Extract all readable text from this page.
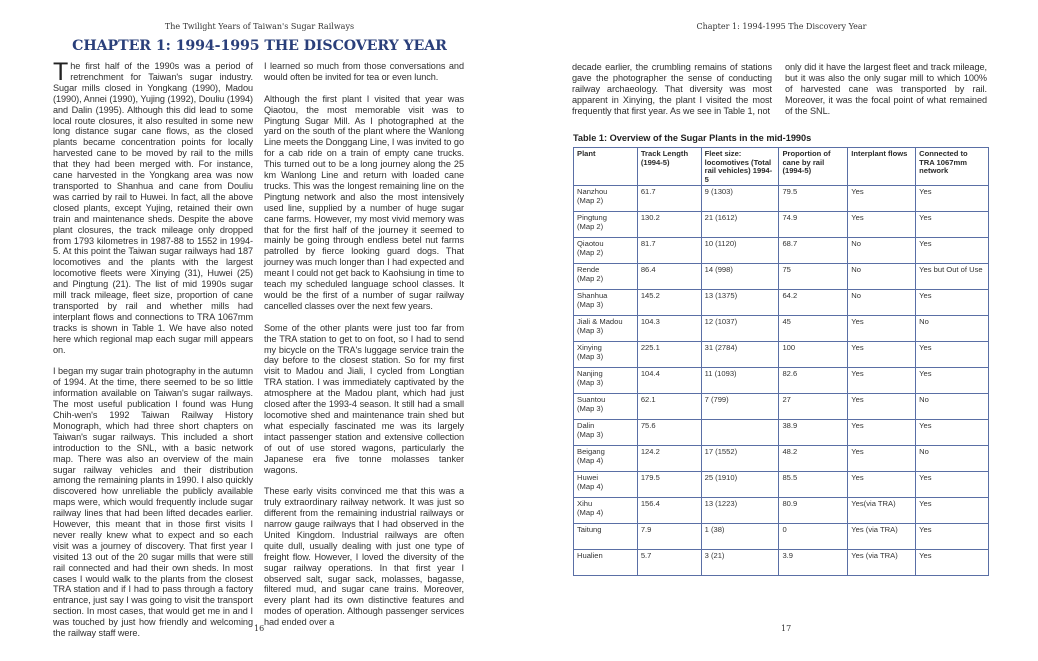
The Twilight Years of Taiwan's Sugar Railways
CHAPTER 1: 1994-1995 THE DISCOVERY YEAR

The first half of the 1990s was a period of retrenchment for Taiwan's sugar industry. Sugar mills closed in Yongkang (1990), Madou (1990), Annei (1990), Yujing (1992), Douliu (1994) and Dalin (1995). Although this did lead to some local route closures, it also resulted in some new long distance sugar cane flows, as the closed plants became concentration points for locally harvested cane to be moved by rail to the mills that they had been merged with. For instance, cane harvested in the Yongkang area was now transported to Shanhua and cane from Douliu was carried by rail to Huwei. In fact, all the above closed plants, except Yujing, retained their own train and maintenance sheds. Despite the above plant closures, the track mileage only dropped from 1793 kilometres in 1987-88 to 1552 in 1994-5. At this point the Taiwan sugar railways had 187 locomotives and the plants with the largest locomotive fleets were Xinying (31), Huwei (25) and Pingtung (21). The list of mid 1990s sugar mill track mileage, fleet size, proportion of cane transported by rail and whether mills had interplant flows and connections to TRA 1067mm tracks is shown in Table 1. We have also noted here which regional map each sugar mill appears on.

I began my sugar train photography in the autumn of 1994. At the time, there seemed to be so little information available on Taiwan's sugar railways. The most useful publication I found was Hung Chih-wen's 1992 Taiwan Railway History Monograph, which had three short chapters on Taiwan's sugar railways. This included a short introduction to the SNL, with a basic network map. There was also an overview of the main sugar railway vehicles and their distribution among the remaining plants in 1990. I also quickly discovered how unreliable the publicly available maps were, which would frequently include sugar railway lines that had been lifted decades earlier. However, this meant that in those first visits I never really knew what to expect and so each visit was a journey of discovery. That first year I visited 13 out of the 20 sugar mills that were still rail connected and had their own sheds. In most cases I would walk to the plants from the closest TRA station and if I had to pass through a factory entrance, just say I was going to visit the transport section. In most cases, that would get me in and I was touched by just how friendly and welcoming the railway staff were.

I learned so much from those conversations and would often be invited for tea or even lunch.

Although the first plant I visited that year was Qiaotou, the most memorable visit was to Pingtung Sugar Mill. As I photographed at the yard on the south of the plant where the Wanlong Line meets the Donggang Line, I was invited to go for a cab ride on a train of empty cane trucks. This turned out to be a long journey along the 25 km Wanlong Line and return with loaded cane trucks. This was the longest remaining line on the Pingtung network and also the most intensively used line, supplied by a number of huge sugar cane farms. However, my most vivid memory was that for the first half of the journey it seemed to mainly be going through endless betel nut farms patrolled by fierce looking guard dogs. That journey was much longer than I had expected and meant I could not get back to Kaohsiung in time to teach my scheduled language school classes. It would be the first of a number of sugar railway cancelled classes over the next few years.

Some of the other plants were just too far from the TRA station to get to on foot, so I had to send my bicycle on the TRA's luggage service train the day before to the closest station. So for my first visit to Madou and Jiali, I cycled from Longtian TRA station. I was immediately captivated by the atmosphere at the Madou plant, which had just closed after the 1993-4 season. It still had a small locomotive shed and maintenance train shed but what especially fascinated me was its largely intact passenger station and extensive collection of out of use stored wagons, particularly the Japanese era five tonne molasses tanker wagons.

These early visits convinced me that this was a truly extraordinary railway network. It was just so different from the remaining industrial railways or narrow gauge railways that I had observed in the United Kingdom. Industrial railways are often quite dull, usually dealing with just one type of freight flow. However, I loved the diversity of the sugar railway operations. In that first year I observed salt, sugar sack, molasses, bagasse, filtered mud, and sugar cane trains. Moreover, every plant had its own distinctive features and modes of operation. Although passenger services had ended over a

16
Chapter 1: 1994-1995 The Discovery Year
17

decade earlier, the crumbling remains of stations gave the photographer the sense of conducting railway archaeology. That diversity was most apparent in Xinying, the plant I visited the most frequently that first year. As we see in Table 1, not

only did it have the largest fleet and track mileage, but it was also the only sugar mill to which 100% of harvested cane was transported by rail. Moreover, it was the focal point of what remained of the SNL.

Table 1: Overview of the Sugar Plants in the mid-1990s
Plant	Track Length (1994-5)	Fleet size: locomotives (Total rail vehicles) 1994-5	Proportion of cane by rail (1994-5)	Interplant flows	Connected to TRA 1067mm network

Nanzhou
(Map 2)	61.7	9 (1303)	79.5	Yes	Yes

Pingtung
(Map 2)	130.2	21 (1612)	74.9	Yes	Yes

Qiaotou
(Map 2)	81.7	10 (1120)	68.7	No	Yes

Rende
(Map 2)	86.4	14 (998)	75	No	Yes but Out of Use

Shanhua
(Map 3)	145.2	13 (1375)	64.2	No	Yes

Jiali & Madou
(Map 3)	104.3	12 (1037)	45	Yes	No

Xinying
(Map 3)	225.1	31 (2784)	100	Yes	Yes

Nanjing
(Map 3)	104.4	11 (1093)	82.6	Yes	Yes

Suantou
(Map 3)	62.1	7 (799)	27	Yes	No

Dalin
(Map 3)	75.6		38.9	Yes	Yes

Beigang
(Map 4)	124.2	17 (1552)	48.2	Yes	No

Huwei
(Map 4)	179.5	25 (1910)	85.5	Yes	Yes

Xihu
(Map 4)	156.4	13 (1223)	80.9	Yes(via TRA)	Yes

Taitung	7.9	1 (38)	0	Yes (via TRA)	Yes

Hualien	5.7	3 (21)	3.9	Yes (via TRA)	Yes
